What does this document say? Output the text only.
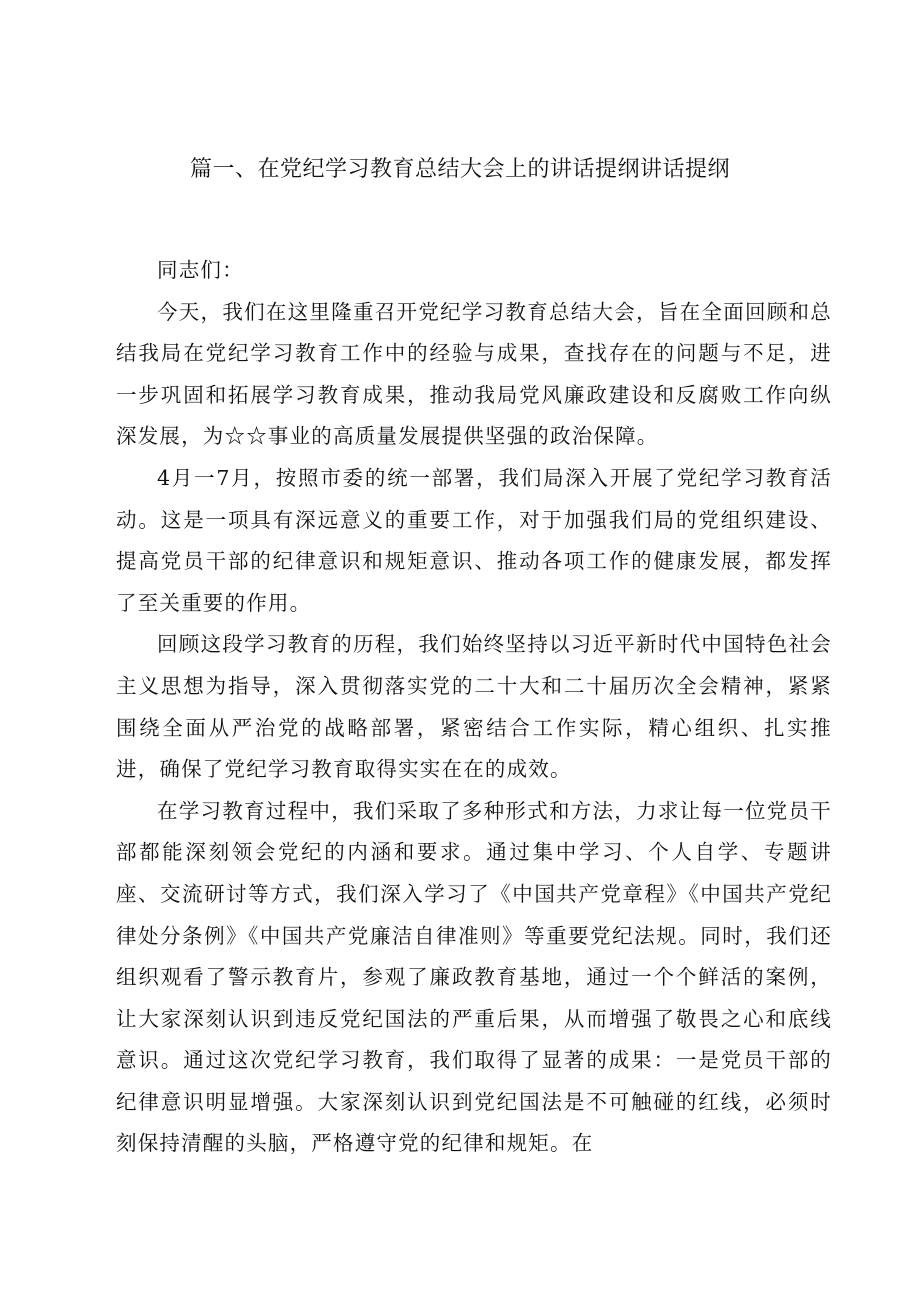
篇一、在党纪学习教育总结大会上的讲话提纲讲话提纲

同志们：

今天，我们在这里隆重召开党纪学习教育总结大会，旨在全面回顾和总结我局在党纪学习教育工作中的经验与成果，查找存在的问题与不足，进一步巩固和拓展学习教育成果，推动我局党风廉政建设和反腐败工作向纵深发展，为☆☆事业的高质量发展提供坚强的政治保障。

4月一7月，按照市委的统一部署，我们局深入开展了党纪学习教育活动。这是一项具有深远意义的重要工作，对于加强我们局的党组织建设、提高党员干部的纪律意识和规矩意识、推动各项工作的健康发展，都发挥了至关重要的作用。

回顾这段学习教育的历程，我们始终坚持以习近平新时代中国特色社会主义思想为指导，深入贯彻落实党的二十大和二十届历次全会精神，紧紧围绕全面从严治党的战略部署，紧密结合工作实际，精心组织、扎实推进，确保了党纪学习教育取得实实在在的成效。

在学习教育过程中，我们采取了多种形式和方法，力求让每一位党员干部都能深刻领会党纪的内涵和要求。通过集中学习、个人自学、专题讲座、交流研讨等方式，我们深入学习了《中国共产党章程》《中国共产党纪律处分条例》《中国共产党廉洁自律准则》等重要党纪法规。同时，我们还组织观看了警示教育片，参观了廉政教育基地，通过一个个鲜活的案例，让大家深刻认识到违反党纪国法的严重后果，从而增强了敬畏之心和底线意识。通过这次党纪学习教育，我们取得了显著的成果：一是党员干部的纪律意识明显增强。大家深刻认识到党纪国法是不可触碰的红线，必须时刻保持清醒的头脑，严格遵守党的纪律和规矩。在
